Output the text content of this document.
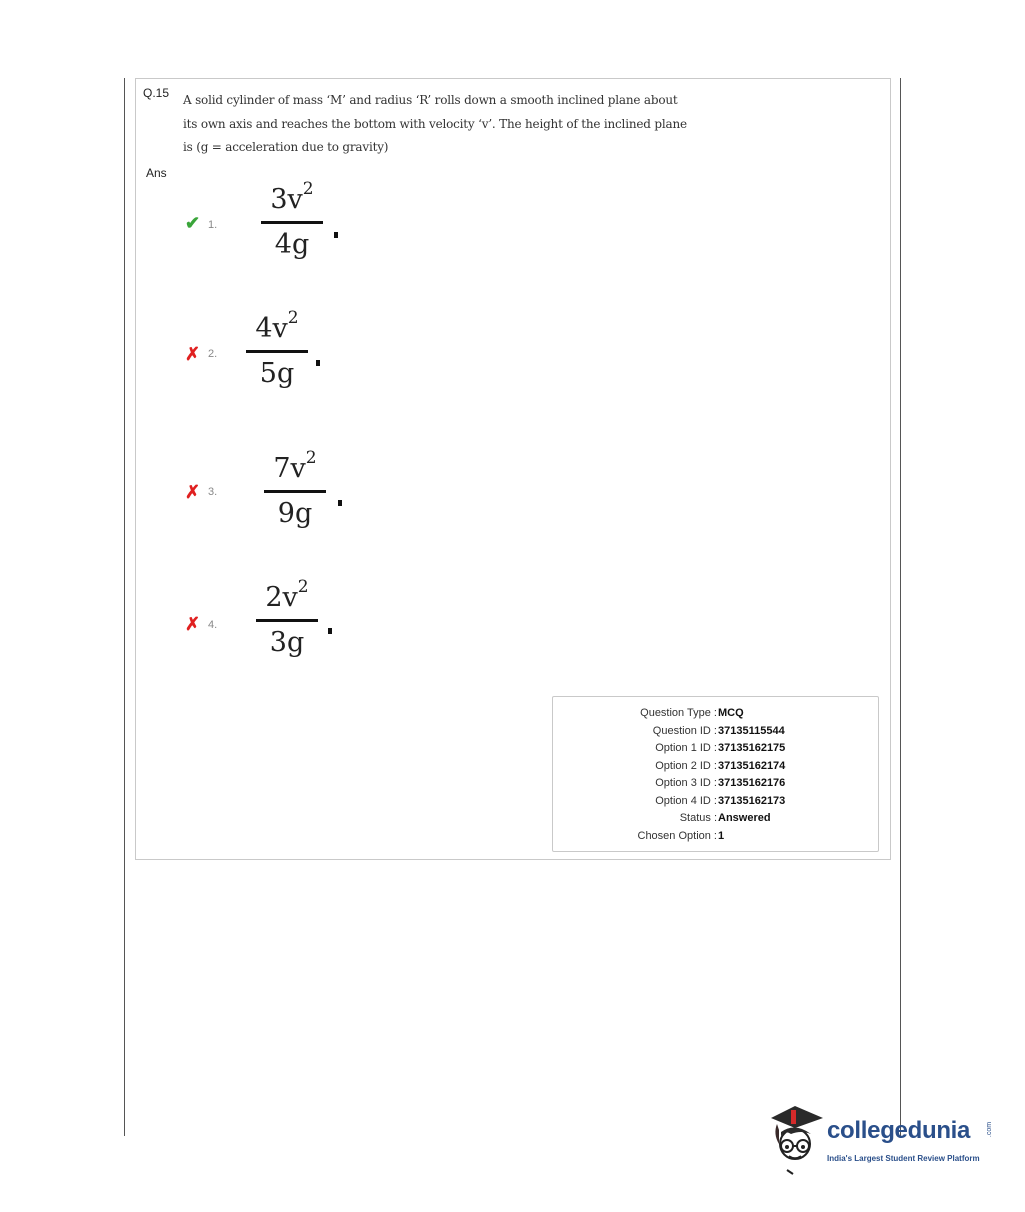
Q.15 A solid cylinder of mass ‘M’ and radius ‘R’ rolls down a smooth inclined plane about
its own axis and reaches the bottom with velocity ‘v’. The height of the inclined plane
is (g = acceleration due to gravity)
Ans
✔ 1.
$3v^2$
4g
✗ 2.
$4v^2$
5g
✗ 3.
$7v^2$
9g
✗ 4.
$2v^2$
3g
Question Type : MCQ
Question ID : 37135115544
Option 1 ID : 37135162175
Option 2 ID : 37135162174
Option 3 ID : 37135162176
Option 4 ID : 37135162173
Status : Answered
Chosen Option : 1
collegedunia .com
India's Largest Student Review Platform
